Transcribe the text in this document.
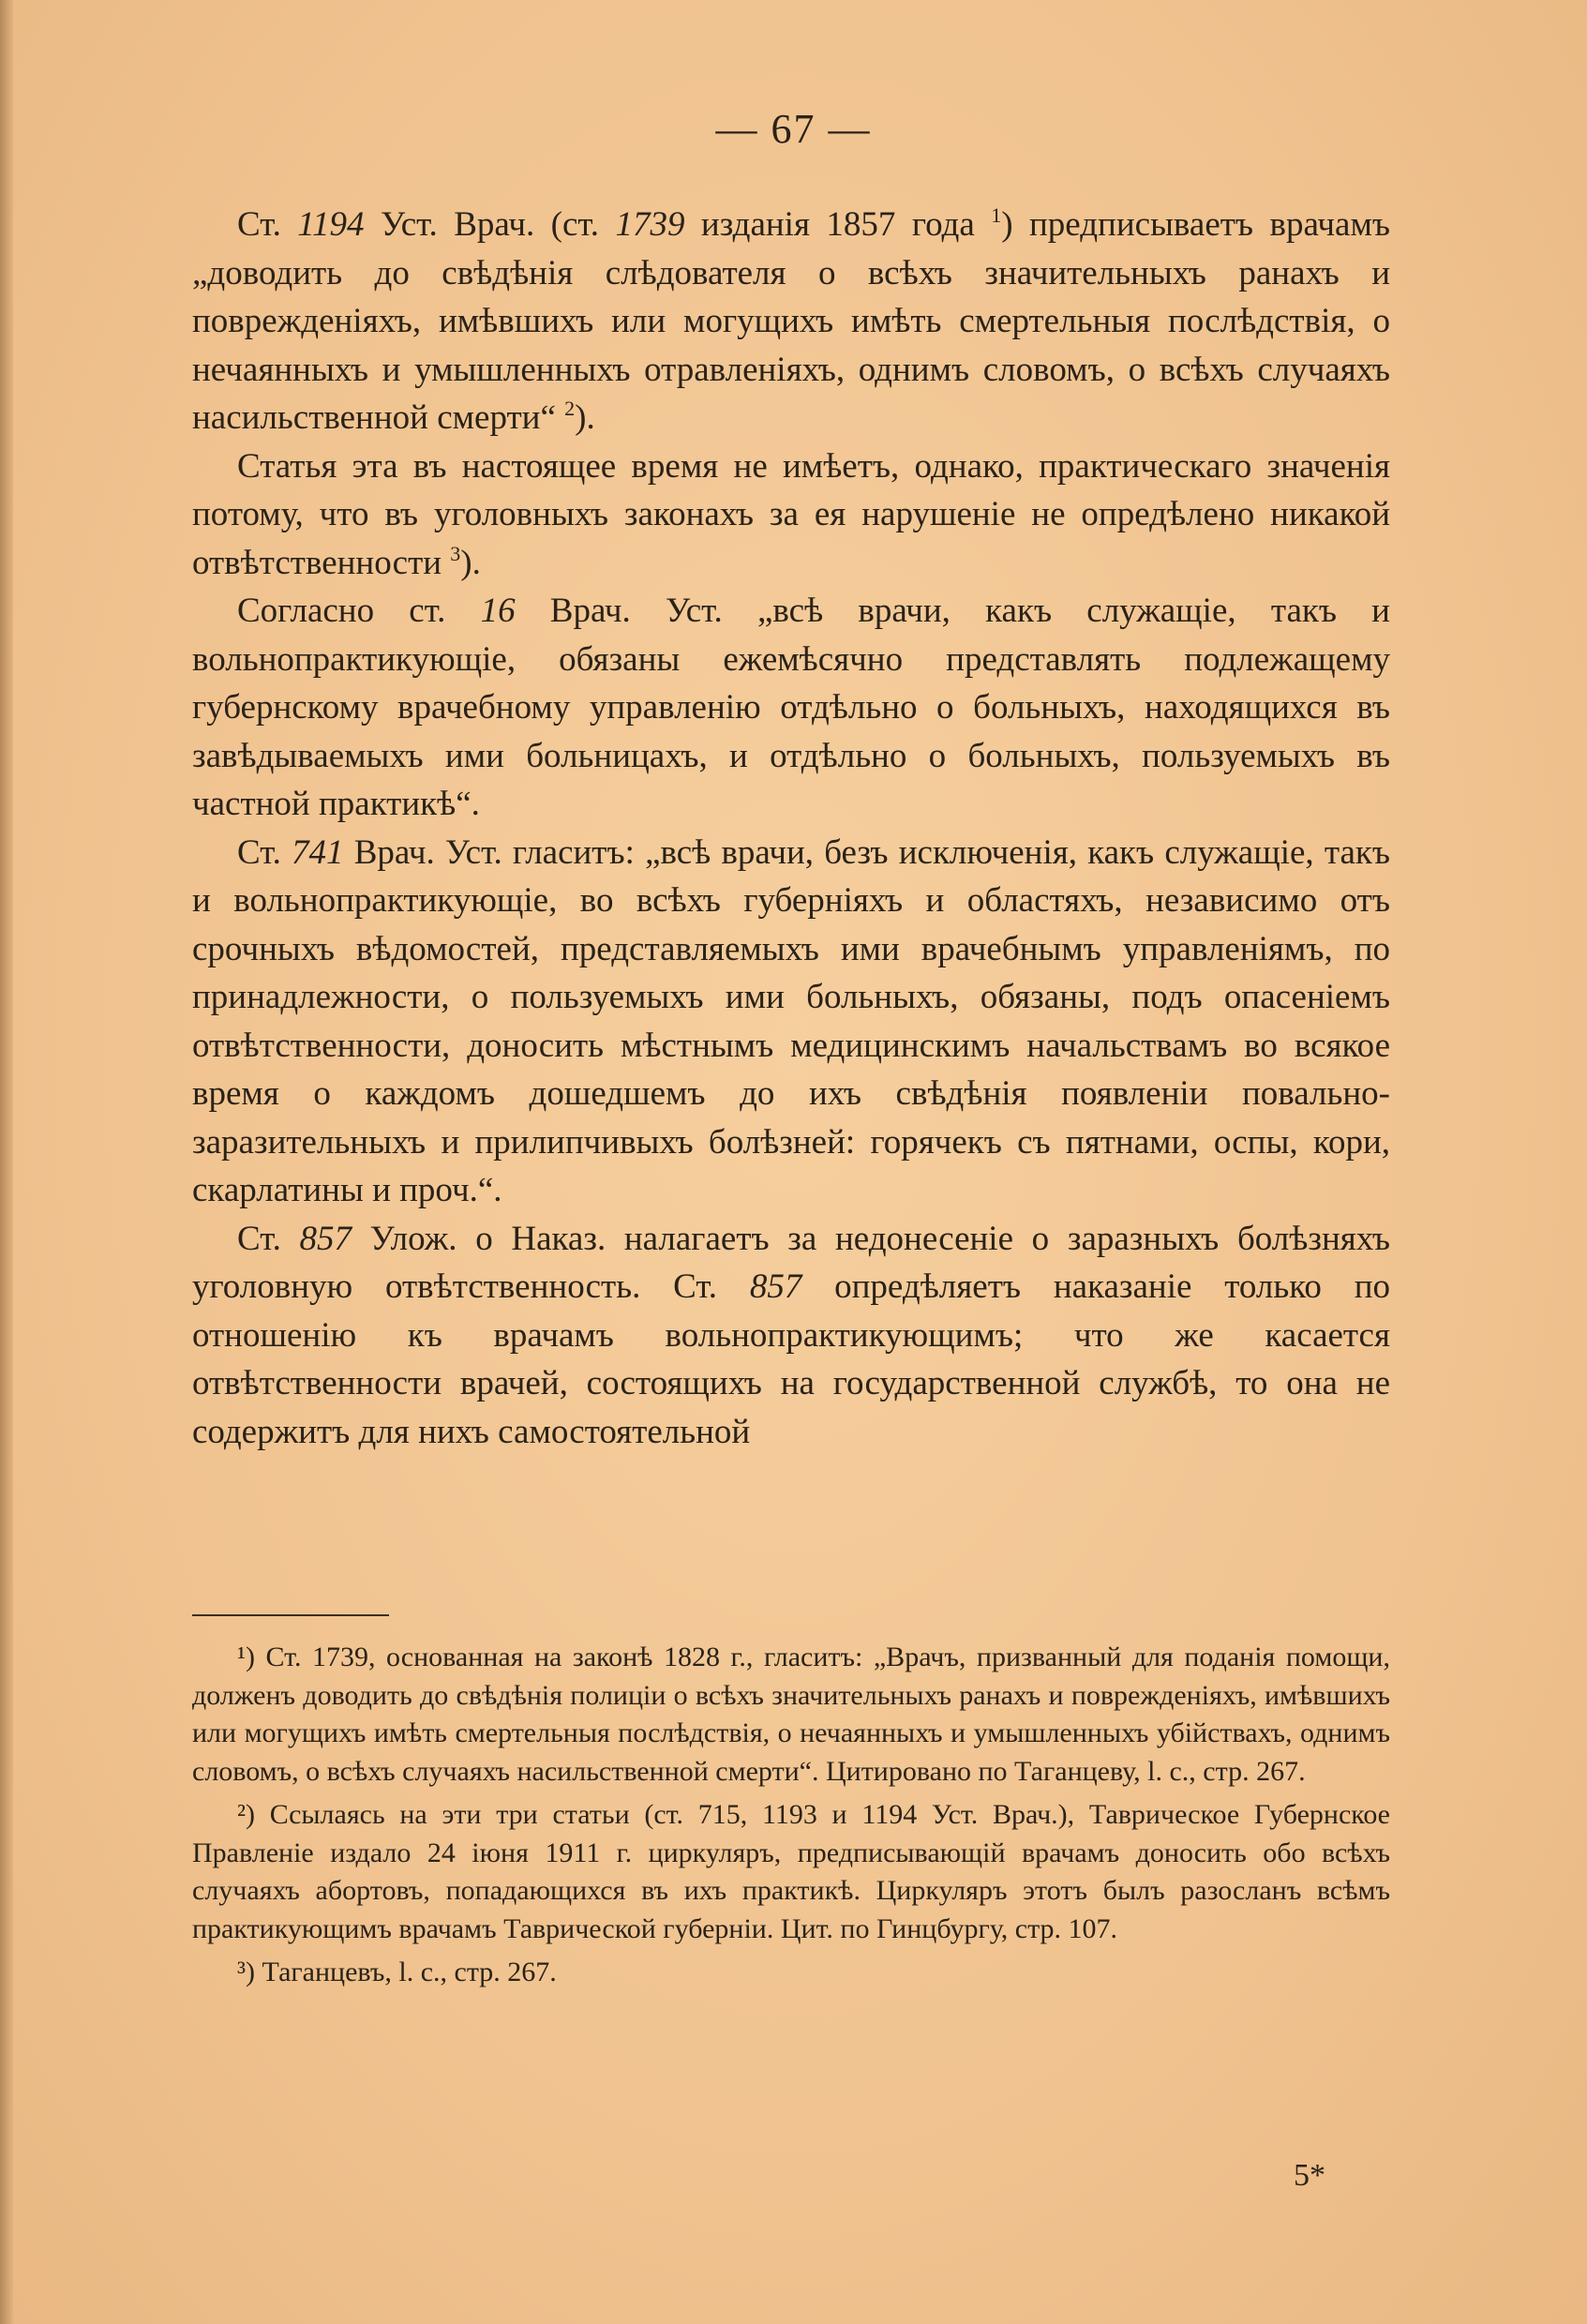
— 67 —

Ст. 1194 Уст. Врач. (ст. 1739 изданія 1857 года $^1$) предписываетъ врачамъ „доводить до свѣдѣнія слѣдователя о всѣхъ значительныхъ ранахъ и поврежденіяхъ, имѣвшихъ или могущихъ имѣть смертельныя послѣдствія, о нечаянныхъ и умышленныхъ отравленіяхъ, однимъ словомъ, о всѣхъ случаяхъ насильственной смерти“ $^2$).

Статья эта въ настоящее время не имѣетъ, однако, практическаго значенія потому, что въ уголовныхъ законахъ за ея нарушеніе не опредѣлено никакой отвѣтственности $^3$).

Согласно ст. 16 Врач. Уст. „всѣ врачи, какъ служащіе, такъ и вольнопрактикующіе, обязаны ежемѣсячно представлять подлежащему губернскому врачебному управленію отдѣльно о больныхъ, находящихся въ завѣдываемыхъ ими больницахъ, и отдѣльно о больныхъ, пользуемыхъ въ частной практикѣ“.

Ст. 741 Врач. Уст. гласитъ: „всѣ врачи, безъ исключенія, какъ служащіе, такъ и вольнопрактикующіе, во всѣхъ губерніяхъ и областяхъ, независимо отъ срочныхъ вѣдомостей, представляемыхъ ими врачебнымъ управленіямъ, по принадлежности, о пользуемыхъ ими больныхъ, обязаны, подъ опасеніемъ отвѣтственности, доносить мѣстнымъ медицинскимъ начальствамъ во всякое время о каждомъ дошедшемъ до ихъ свѣдѣнія появленіи повально-заразительныхъ и прилипчивыхъ болѣзней: горячекъ съ пятнами, оспы, кори, скарлатины и проч.“.

Ст. 857 Улож. о Наказ. налагаетъ за недонесеніе о заразныхъ болѣзняхъ уголовную отвѣтственность. Ст. 857 опредѣляетъ наказаніе только по отношенію къ врачамъ вольнопрактикующимъ; что же касается отвѣтственности врачей, состоящихъ на государственной службѣ, то она не содержитъ для нихъ самостоятельной

¹) Ст. 1739, основанная на законѣ 1828 г., гласитъ: „Врачъ, призванный для поданія помощи, долженъ доводить до свѣдѣнія полиціи о всѣхъ значительныхъ ранахъ и поврежденіяхъ, имѣвшихъ или могущихъ имѣть смертельныя послѣдствія, о нечаянныхъ и умышленныхъ убійствахъ, однимъ словомъ, о всѣхъ случаяхъ насильственной смерти“. Цитировано по Таганцеву, l. c., стр. 267.

²) Ссылаясь на эти три статьи (ст. 715, 1193 и 1194 Уст. Врач.), Таврическое Губернское Правленіе издало 24 іюня 1911 г. циркуляръ, предписывающій врачамъ доносить обо всѣхъ случаяхъ абортовъ, попадающихся въ ихъ практикѣ. Циркуляръ этотъ былъ разосланъ всѣмъ практикующимъ врачамъ Таврической губерніи. Цит. по Гинцбургу, стр. 107.

³) Таганцевъ, l. c., стр. 267.

5*
